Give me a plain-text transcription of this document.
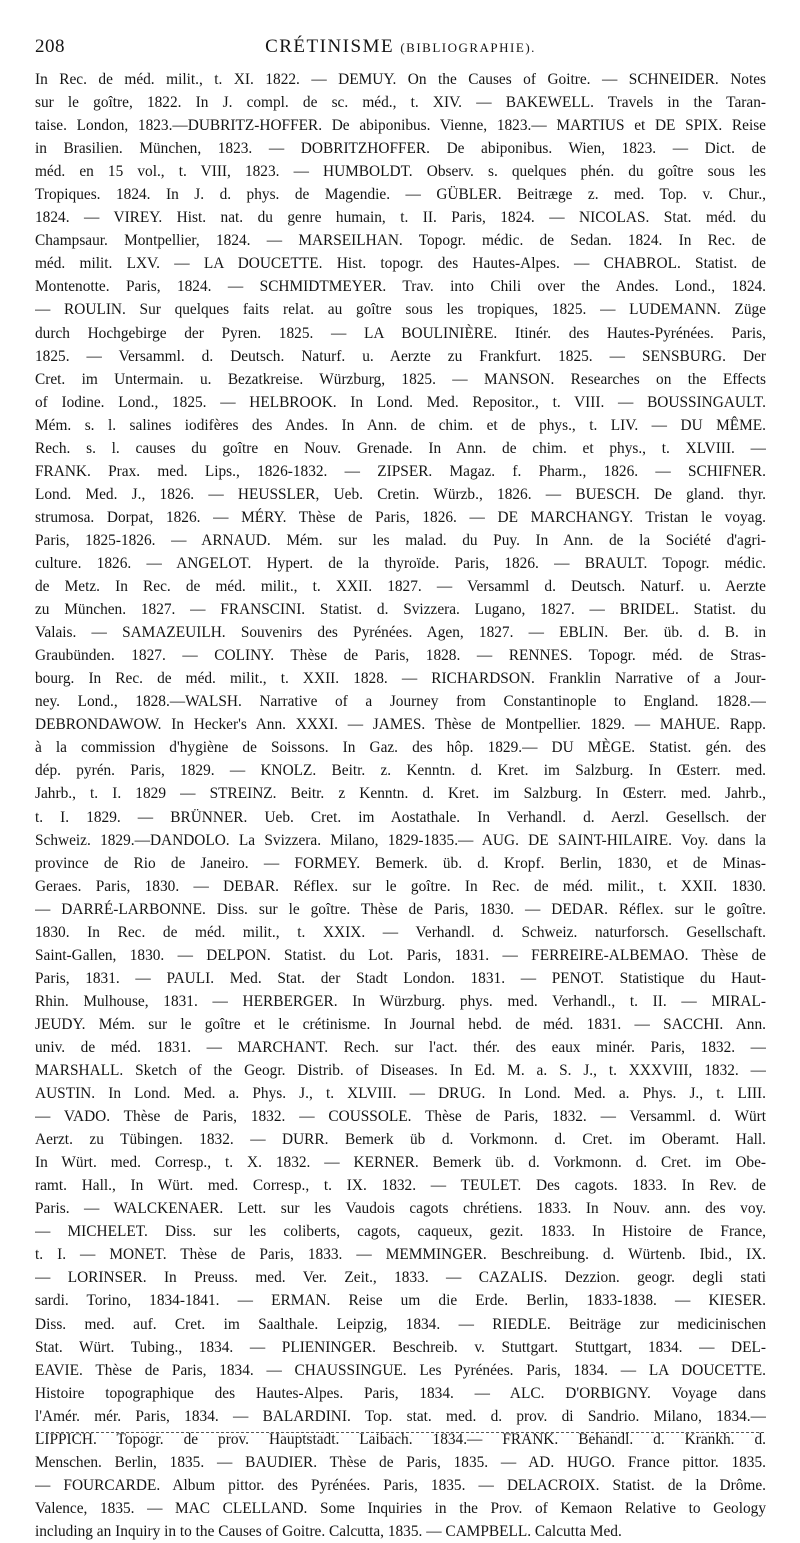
208	CRÉTINISME (BIBLIOGRAPHIE).
In Rec. de méd. milit., t. XI. 1822. — DEMUY. On the Causes of Goitre. — SCHNEIDER. Notes
sur le goître, 1822. In J. compl. de sc. méd., t. XIV. — BAKEWELL. Travels in the Taran-
taise. London, 1823.—DUBRITZ-HOFFER. De abiponibus. Vienne, 1823.— MARTIUS et DE SPIX. Reise
in Brasilien. München, 1823. — DOBRITZHOFFER. De abiponibus. Wien, 1823. — Dict. de
méd. en 15 vol., t. VIII, 1823. — HUMBOLDT. Observ. s. quelques phén. du goître sous les
Tropiques. 1824. In J. d. phys. de Magendie. — GÜBLER. Beitræge z. med. Top. v. Chur.,
1824. — VIREY. Hist. nat. du genre humain, t. II. Paris, 1824. — NICOLAS. Stat. méd. du
Champsaur. Montpellier, 1824. — MARSEILHAN. Topogr. médic. de Sedan. 1824. In Rec. de
méd. milit. LXV. — LA DOUCETTE. Hist. topogr. des Hautes-Alpes. — CHABROL. Statist. de
Montenotte. Paris, 1824. — SCHMIDTMEYER. Trav. into Chili over the Andes. Lond., 1824.
— ROULIN. Sur quelques faits relat. au goître sous les tropiques, 1825. — LUDEMANN. Züge
durch Hochgebirge der Pyren. 1825. — LA BOULINIÈRE. Itinér. des Hautes-Pyrénées. Paris,
1825. — Versamml. d. Deutsch. Naturf. u. Aerzte zu Frankfurt. 1825. — SENSBURG. Der
Cret. im Untermain. u. Bezatkreise. Würzburg, 1825. — MANSON. Researches on the Effects
of Iodine. Lond., 1825. — HELBROOK. In Lond. Med. Repositor., t. VIII. — BOUSSINGAULT.
Mém. s. l. salines iodifères des Andes. In Ann. de chim. et de phys., t. LIV. — DU MÊME.
Rech. s. l. causes du goître en Nouv. Grenade. In Ann. de chim. et phys., t. XLVIII. —
FRANK. Prax. med. Lips., 1826-1832. — ZIPSER. Magaz. f. Pharm., 1826. — SCHIFNER.
Lond. Med. J., 1826. — HEUSSLER, Ueb. Cretin. Würzb., 1826. — BUESCH. De gland. thyr.
strumosa. Dorpat, 1826. — MÉRY. Thèse de Paris, 1826. — DE MARCHANGY. Tristan le voyag.
Paris, 1825-1826. — ARNAUD. Mém. sur les malad. du Puy. In Ann. de la Société d'agri-
culture. 1826. — ANGELOT. Hypert. de la thyroïde. Paris, 1826. — BRAULT. Topogr. médic.
de Metz. In Rec. de méd. milit., t. XXII. 1827. — Versamml d. Deutsch. Naturf. u. Aerzte
zu München. 1827. — FRANSCINI. Statist. d. Svizzera. Lugano, 1827. — BRIDEL. Statist. du
Valais. — SAMAZEUILH. Souvenirs des Pyrénées. Agen, 1827. — EBLIN. Ber. üb. d. B. in
Graubünden. 1827. — COLINY. Thèse de Paris, 1828. — RENNES. Topogr. méd. de Stras-
bourg. In Rec. de méd. milit., t. XXII. 1828. — RICHARDSON. Franklin Narrative of a Jour-
ney. Lond., 1828.—WALSH. Narrative of a Journey from Constantinople to England. 1828.—
DEBRONDAWOW. In Hecker's Ann. XXXI. — JAMES. Thèse de Montpellier. 1829. — MAHUE. Rapp.
à la commission d'hygiène de Soissons. In Gaz. des hôp. 1829.— DU MÈGE. Statist. gén. des
dép. pyrén. Paris, 1829. — KNOLZ. Beitr. z. Kenntn. d. Kret. im Salzburg. In Œsterr. med.
Jahrb., t. I. 1829 — STREINZ. Beitr. z Kenntn. d. Kret. im Salzburg. In Œsterr. med. Jahrb.,
t. I. 1829. — BRÜNNER. Ueb. Cret. im Aostathale. In Verhandl. d. Aerzl. Gesellsch. der
Schweiz. 1829.—DANDOLO. La Svizzera. Milano, 1829-1835.— AUG. DE SAINT-HILAIRE. Voy. dans la
province de Rio de Janeiro. — FORMEY. Bemerk. üb. d. Kropf. Berlin, 1830, et de Minas-
Geraes. Paris, 1830. — DEBAR. Réflex. sur le goître. In Rec. de méd. milit., t. XXII. 1830.
— DARRÉ-LARBONNE. Diss. sur le goître. Thèse de Paris, 1830. — DEDAR. Réflex. sur le goître.
1830. In Rec. de méd. milit., t. XXIX. — Verhandl. d. Schweiz. naturforsch. Gesellschaft.
Saint-Gallen, 1830. — DELPON. Statist. du Lot. Paris, 1831. — FERREIRE-ALBEMAO. Thèse de
Paris, 1831. — PAULI. Med. Stat. der Stadt London. 1831. — PENOT. Statistique du Haut-
Rhin. Mulhouse, 1831. — HERBERGER. In Würzburg. phys. med. Verhandl., t. II. — MIRAL-
JEUDY. Mém. sur le goître et le crétinisme. In Journal hebd. de méd. 1831. — SACCHI. Ann.
univ. de méd. 1831. — MARCHANT. Rech. sur l'act. thér. des eaux minér. Paris, 1832. —
MARSHALL. Sketch of the Geogr. Distrib. of Diseases. In Ed. M. a. S. J., t. XXXVIII, 1832. —
AUSTIN. In Lond. Med. a. Phys. J., t. XLVIII. — DRUG. In Lond. Med. a. Phys. J., t. LIII.
— VADO. Thèse de Paris, 1832. — COUSSOLE. Thèse de Paris, 1832. — Versamml. d. Würt
Aerzt. zu Tübingen. 1832. — DURR. Bemerk üb d. Vorkmonn. d. Cret. im Oberamt. Hall.
In Würt. med. Corresp., t. X. 1832. — KERNER. Bemerk üb. d. Vorkmonn. d. Cret. im Obe-
ramt. Hall., In Würt. med. Corresp., t. IX. 1832. — TEULET. Des cagots. 1833. In Rev. de
Paris. — WALCKENAER. Lett. sur les Vaudois cagots chrétiens. 1833. In Nouv. ann. des voy.
— MICHELET. Diss. sur les coliberts, cagots, caqueux, gezit. 1833. In Histoire de France,
t. I. — MONET. Thèse de Paris, 1833. — MEMMINGER. Beschreibung. d. Würtenb. Ibid., IX.
— LORINSER. In Preuss. med. Ver. Zeit., 1833. — CAZALIS. Dezzion. geogr. degli stati
sardi. Torino, 1834-1841. — ERMAN. Reise um die Erde. Berlin, 1833-1838. — KIESER.
Diss. med. auf. Cret. im Saalthale. Leipzig, 1834. — RIEDLE. Beiträge zur medicinischen
Stat. Würt. Tubing., 1834. — PLIENINGER. Beschreib. v. Stuttgart. Stuttgart, 1834. — DEL-
EAVIE. Thèse de Paris, 1834. — CHAUSSINGUE. Les Pyrénées. Paris, 1834. — LA DOUCETTE.
Histoire topographique des Hautes-Alpes. Paris, 1834. — ALC. D'ORBIGNY. Voyage dans
l'Amér. mér. Paris, 1834. — BALARDINI. Top. stat. med. d. prov. di Sandrio. Milano, 1834.—
LIPPICH. Topogr. de prov. Hauptstadt. Laibach. 1834.— FRANK. Behandl. d. Krankh. d.
Menschen. Berlin, 1835. — BAUDIER. Thèse de Paris, 1835. — AD. HUGO. France pittor. 1835.
— FOURCARDE. Album pittor. des Pyrénées. Paris, 1835. — DELACROIX. Statist. de la Drôme.
Valence, 1835. — MAC CLELLAND. Some Inquiries in the Prov. of Kemaon Relative to Geology
including an Inquiry in to the Causes of Goitre. Calcutta, 1835. — CAMPBELL. Calcutta Med.
